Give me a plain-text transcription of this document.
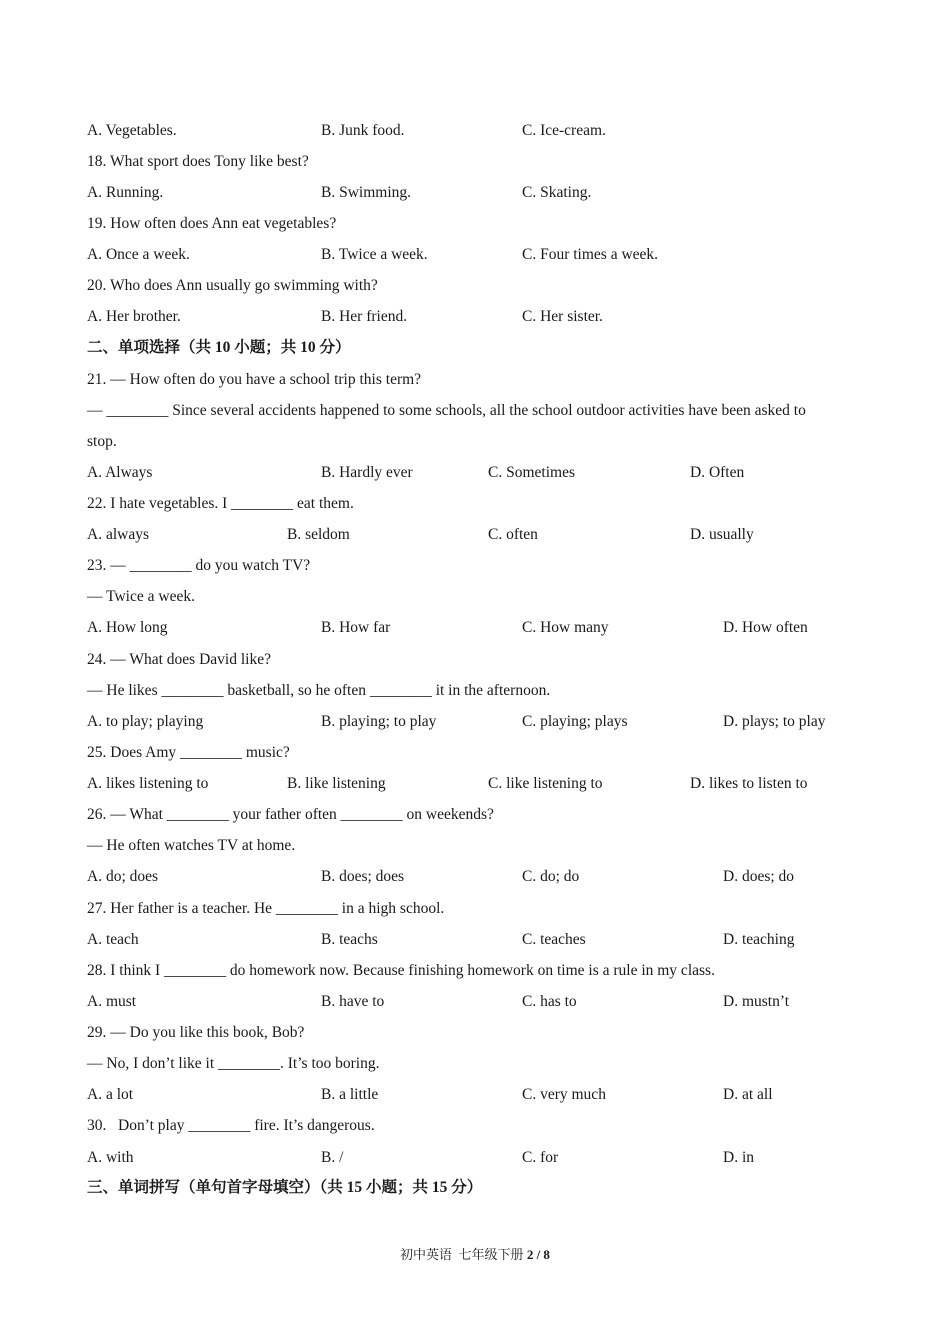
A. Vegetables.	B. Junk food.	C. Ice-cream.
18. What sport does Tony like best?
A. Running.	B. Swimming.	C. Skating.
19. How often does Ann eat vegetables?
A. Once a week.	B. Twice a week.	C. Four times a week.
20. Who does Ann usually go swimming with?
A. Her brother.	B. Her friend.	C. Her sister.
二、单项选择（共 10 小题；共 10 分）
21. — How often do you have a school trip this term?
— ________ Since several accidents happened to some schools, all the school outdoor activities have been asked to
stop.
A. Always	B. Hardly ever	C. Sometimes	D. Often
22. I hate vegetables. I ________ eat them.
A. always	B. seldom	C. often	D. usually
23. — ________ do you watch TV?
— Twice a week.
A. How long	B. How far	C. How many	D. How often
24. — What does David like?
— He likes ________ basketball, so he often ________ it in the afternoon.
A. to play; playing	B. playing; to play	C. playing; plays	D. plays; to play
25. Does Amy ________ music?
A. likes listening to	B. like listening	C. like listening to	D. likes to listen to
26. — What ________ your father often ________ on weekends?
— He often watches TV at home.
A. do; does	B. does; does	C. do; do	D. does; do
27. Her father is a teacher. He ________ in a high school.
A. teach	B. teachs	C. teaches	D. teaching
28. I think I ________ do homework now. Because finishing homework on time is a rule in my class.
A. must	B. have to	C. has to	D. mustn’t
29. — Do you like this book, Bob?
— No, I don’t like it ________. It’s too boring.
A. a lot	B. a little	C. very much	D. at all
30.   Don’t play ________ fire. It’s dangerous.
A. with	B. /	C. for	D. in
三、单词拼写（单句首字母填空）（共 15 小题；共 15 分）
初中英语  七年级下册 2 / 8
